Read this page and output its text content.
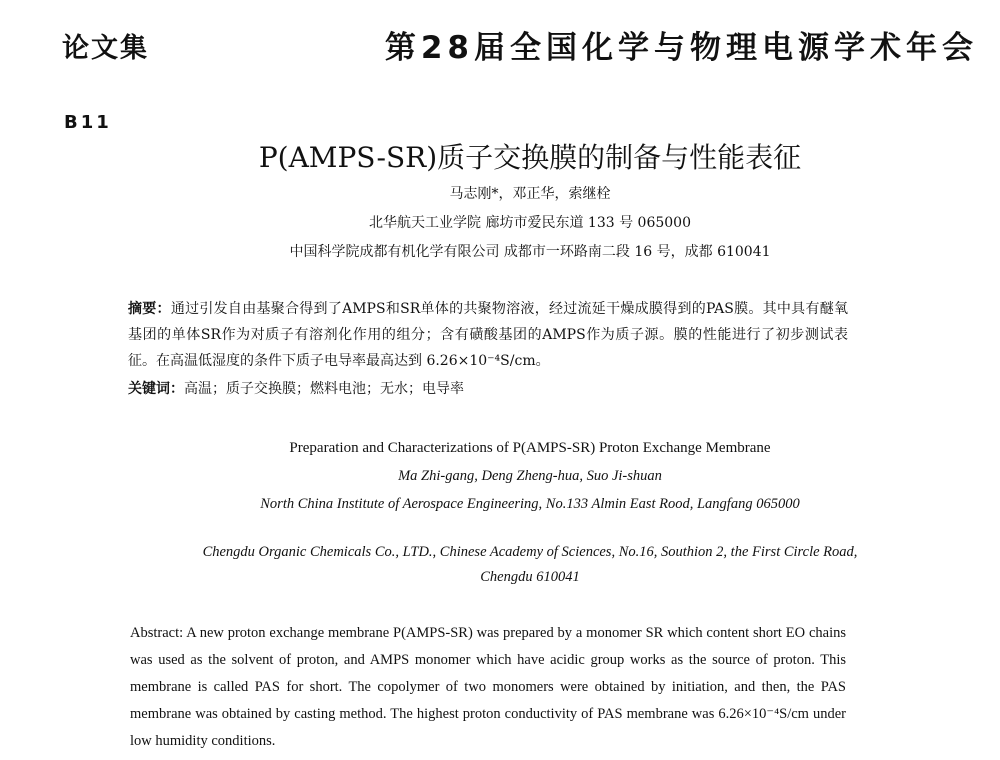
论文集	第28届全国化学与物理电源学术年会
B11
P(AMPS-SR)质子交换膜的制备与性能表征
马志刚*，邓正华，索继栓
北华航天工业学院 廊坊市爱民东道 133 号 065000
中国科学院成都有机化学有限公司 成都市一环路南二段 16 号，成都 610041
摘要：通过引发自由基聚合得到了AMPS和SR单体的共聚物溶液，经过流延干燥成膜得到的PAS膜。其中具有醚氧基团的单体SR作为对质子有溶剂化作用的组分；含有磺酸基团的AMPS作为质子源。膜的性能进行了初步测试表征。在高温低湿度的条件下质子电导率最高达到 6.26×10⁻⁴S/cm。
关键词：高温；质子交换膜；燃料电池；无水；电导率
Preparation and Characterizations of P(AMPS-SR) Proton Exchange Membrane
Ma Zhi-gang, Deng Zheng-hua, Suo Ji-shuan
North China Institute of Aerospace Engineering, No.133 Almin East Rood, Langfang 065000
Chengdu Organic Chemicals Co., LTD., Chinese Academy of Sciences, No.16, Southion 2, the First Circle Road,
Chengdu 610041
Abstract: A new proton exchange membrane P(AMPS-SR) was prepared by a monomer SR which content short EO chains was used as the solvent of proton, and AMPS monomer which have acidic group works as the source of proton. This membrane is called PAS for short. The copolymer of two monomers were obtained by initiation, and then, the PAS membrane was obtained by casting method. The highest proton conductivity of PAS membrane was 6.26×10⁻⁴S/cm under low humidity conditions.
